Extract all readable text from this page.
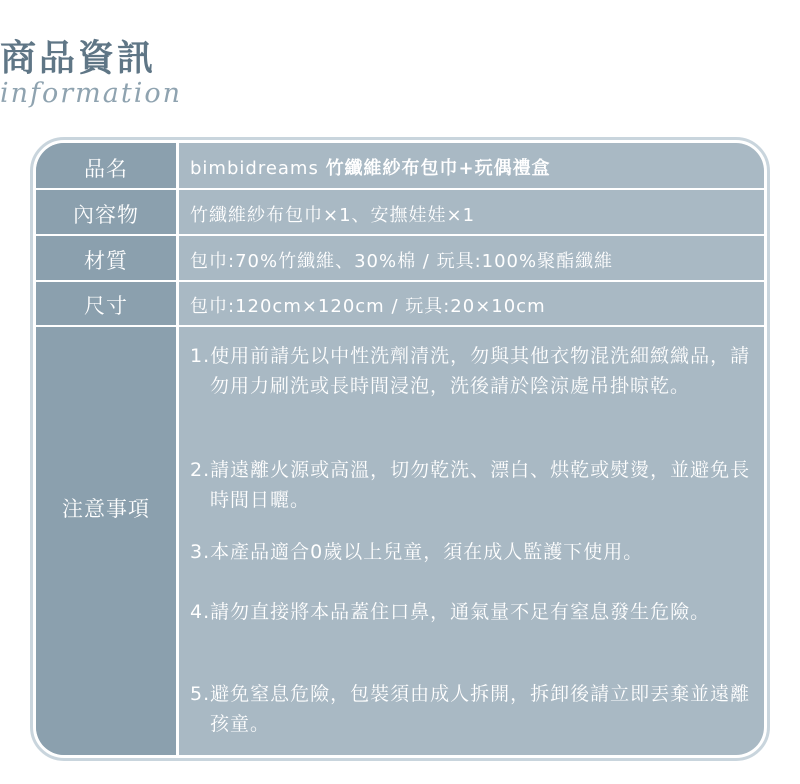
商品資訊
information
品名	bimbidreams 竹纖維紗布包巾+玩偶禮盒
內容物	竹纖維紗布包巾×1、安撫娃娃×1
材質	包巾:70%竹纖維、30%棉 / 玩具:100%聚酯纖維
尺寸	包巾:120cm×120cm / 玩具:20×10cm
注意事項
1.使用前請先以中性洗劑清洗，勿與其他衣物混洗細緻織品，請勿用力刷洗或長時間浸泡，洗後請於陰涼處吊掛晾乾。
2.請遠離火源或高溫，切勿乾洗、漂白、烘乾或熨燙，並避免長時間日曬。
3.本產品適合0歲以上兒童，須在成人監護下使用。
4.請勿直接將本品蓋住口鼻，通氣量不足有窒息發生危險。
5.避免窒息危險，包裝須由成人拆開，拆卸後請立即丟棄並遠離孩童。
